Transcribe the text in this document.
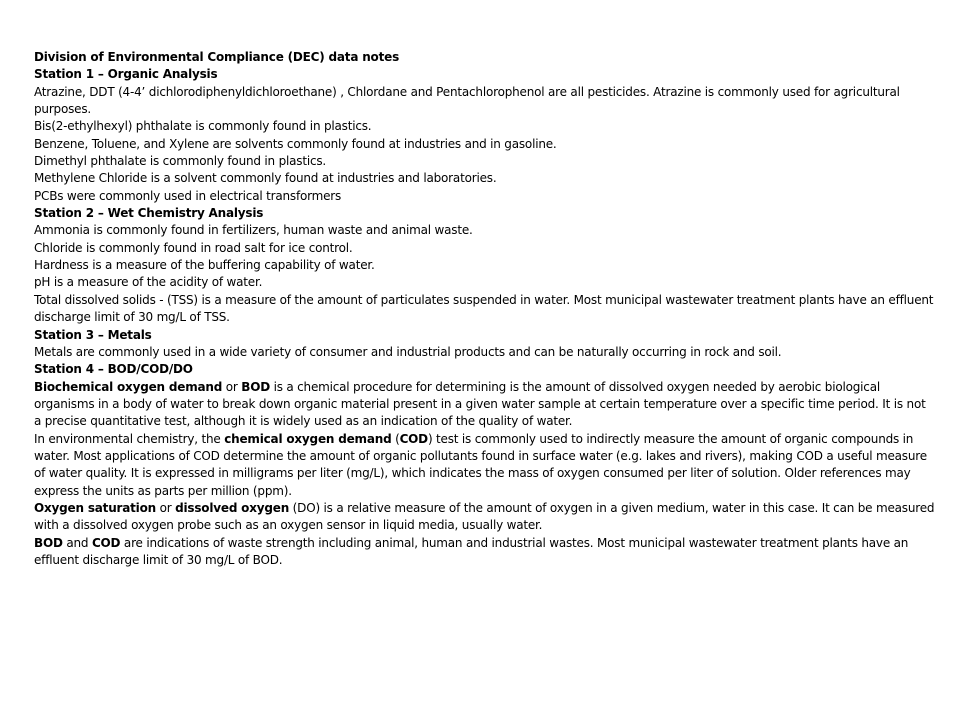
Division of Environmental Compliance (DEC) data notes

Station 1 – Organic Analysis

Atrazine, DDT (4-4’ dichlorodiphenyldichloroethane) , Chlordane and Pentachlorophenol are all pesticides. Atrazine is commonly used for agricultural purposes.

Bis(2-ethylhexyl) phthalate is commonly found in plastics.

Benzene, Toluene, and Xylene are solvents commonly found at industries and in gasoline.

Dimethyl phthalate is commonly found in plastics.

Methylene Chloride is a solvent commonly found at industries and laboratories.

PCBs were commonly used in electrical transformers

Station 2 – Wet Chemistry Analysis

Ammonia is commonly found in fertilizers, human waste and animal waste.

Chloride is commonly found in road salt for ice control.

Hardness is a measure of the buffering capability of water.

pH is a measure of the acidity of water.

Total dissolved solids - (TSS) is a measure of the amount of particulates suspended in water. Most municipal wastewater treatment plants have an effluent discharge limit of 30 mg/L of TSS.

Station 3 – Metals

Metals are commonly used in a wide variety of consumer and industrial products and can be naturally occurring in rock and soil.

Station 4 – BOD/COD/DO

Biochemical oxygen demand or BOD is a chemical procedure for determining is the amount of dissolved oxygen needed by aerobic biological organisms in a body of water to break down organic material present in a given water sample at certain temperature over a specific time period. It is not a precise quantitative test, although it is widely used as an indication of the quality of water.

In environmental chemistry, the chemical oxygen demand (COD) test is commonly used to indirectly measure the amount of organic compounds in water. Most applications of COD determine the amount of organic pollutants found in surface water (e.g. lakes and rivers), making COD a useful measure of water quality. It is expressed in milligrams per liter (mg/L), which indicates the mass of oxygen consumed per liter of solution. Older references may express the units as parts per million (ppm).

Oxygen saturation or dissolved oxygen (DO) is a relative measure of the amount of oxygen in a given medium, water in this case. It can be measured with a dissolved oxygen probe such as an oxygen sensor in liquid media, usually water.

BOD and COD are indications of waste strength including animal, human and industrial wastes. Most municipal wastewater treatment plants have an effluent discharge limit of 30 mg/L of BOD.
